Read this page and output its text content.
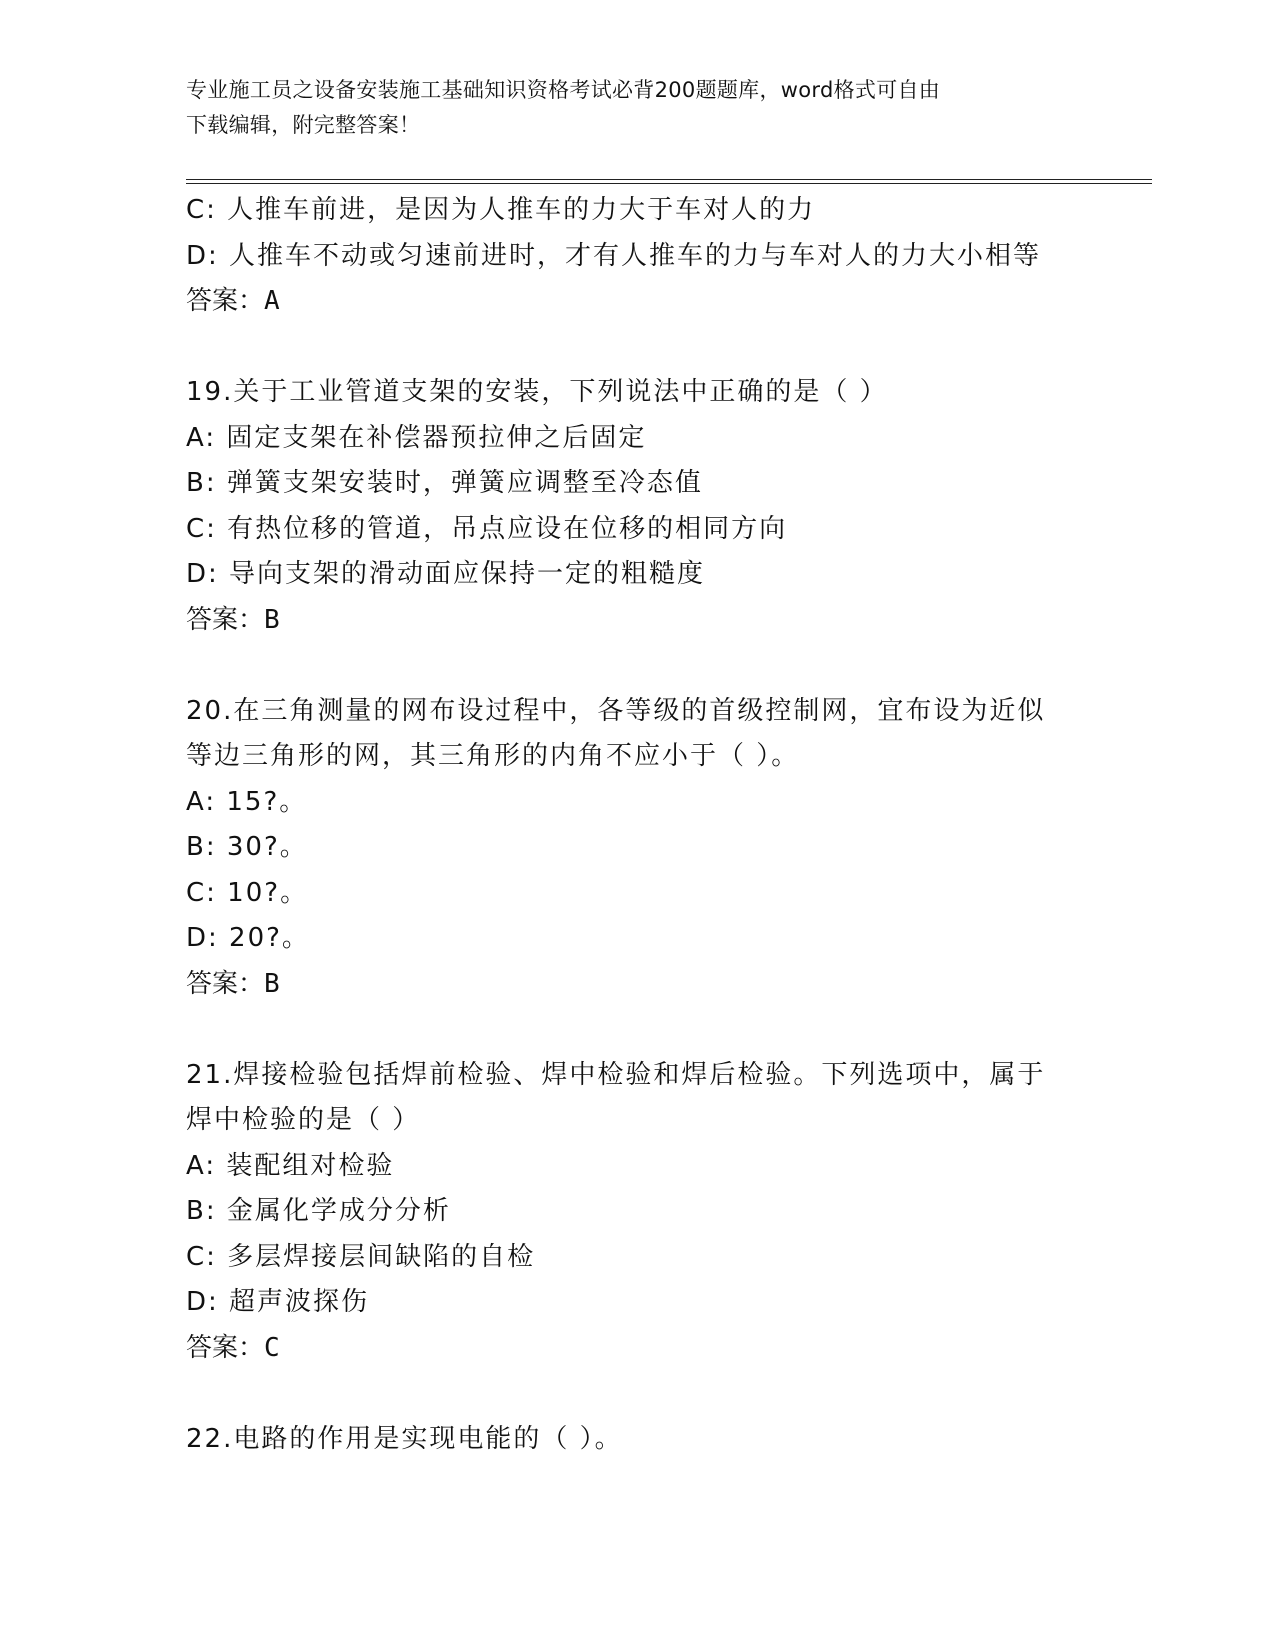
专业施工员之设备安装施工基础知识资格考试必背200题题库，word格式可自由
下载编辑，附完整答案！
C: 人推车前进，是因为人推车的力大于车对人的力
D: 人推车不动或匀速前进时，才有人推车的力与车对人的力大小相等
答案：A
19.关于工业管道支架的安装，下列说法中正确的是（ ）
A: 固定支架在补偿器预拉伸之后固定
B: 弹簧支架安装时，弹簧应调整至冷态值
C: 有热位移的管道，吊点应设在位移的相同方向
D: 导向支架的滑动面应保持一定的粗糙度
答案：B
20.在三角测量的网布设过程中，各等级的首级控制网，宜布设为近似
等边三角形的网，其三角形的内角不应小于（ ）。
A: 15?。
B: 30?。
C: 10?。
D: 20?。
答案：B
21.焊接检验包括焊前检验、焊中检验和焊后检验。下列选项中，属于
焊中检验的是（ ）
A: 装配组对检验
B: 金属化学成分分析
C: 多层焊接层间缺陷的自检
D: 超声波探伤
答案：C
22.电路的作用是实现电能的（ ）。
